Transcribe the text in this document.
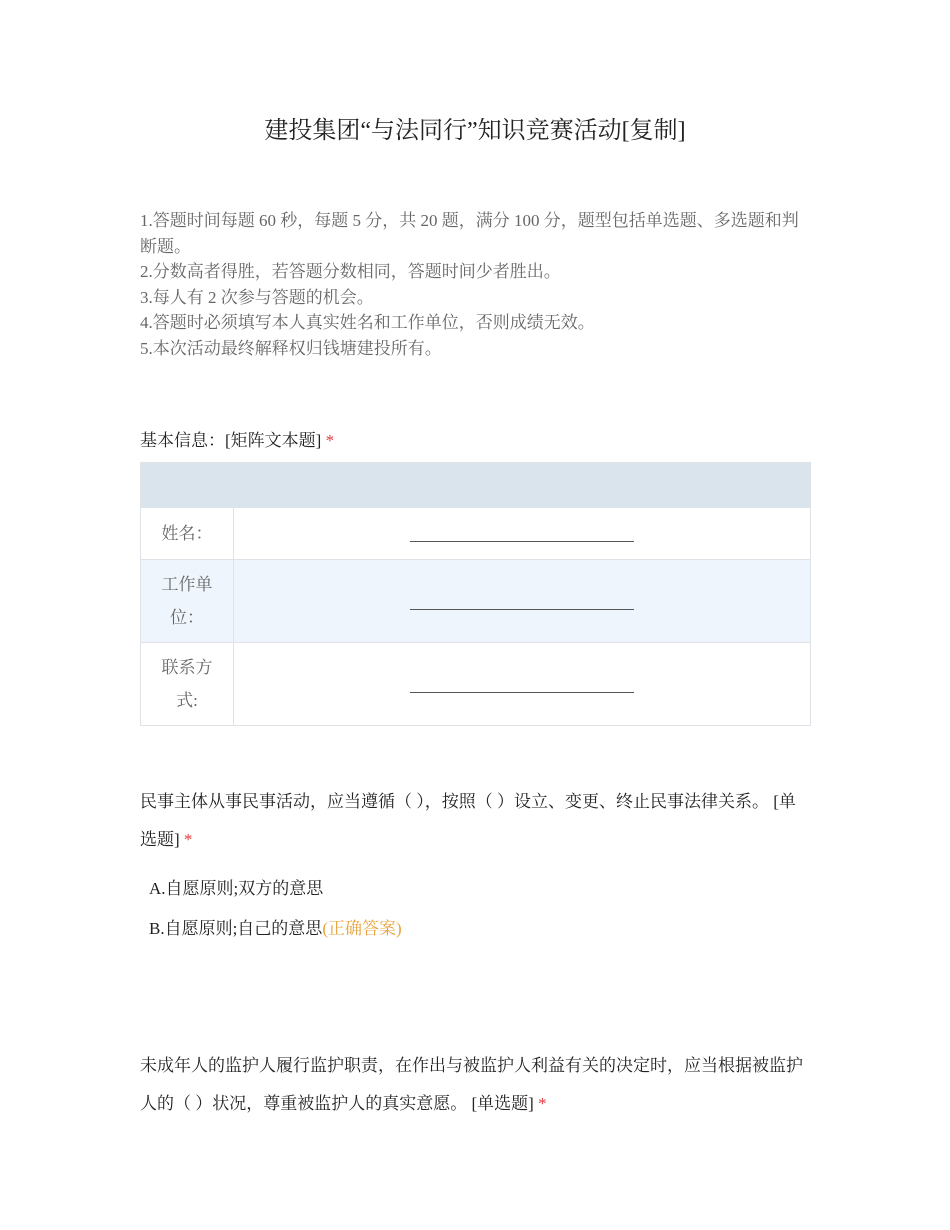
建投集团“与法同行”知识竞赛活动[复制]

1.答题时间每题 60 秒，每题 5 分，共 20 题，满分 100 分，题型包括单选题、多选题和判断题。

2.分数高者得胜，若答题分数相同，答题时间少者胜出。

3.每人有 2 次参与答题的机会。

4.答题时必须填写本人真实姓名和工作单位，否则成绩无效。

5.本次活动最终解释权归钱塘建投所有。

基本信息：[矩阵文本题] *

姓名：	

工作单位：	

联系方式:	

民事主体从事民事活动，应当遵循（ ），按照（ ）设立、变更、终止民事法律关系。 [单选题] *
A.自愿原则;双方的意思
B.自愿原则;自己的意思(正确答案)
未成年人的监护人履行监护职责，在作出与被监护人利益有关的决定时，应当根据被监护人的（ ）状况，尊重被监护人的真实意愿。 [单选题] *
